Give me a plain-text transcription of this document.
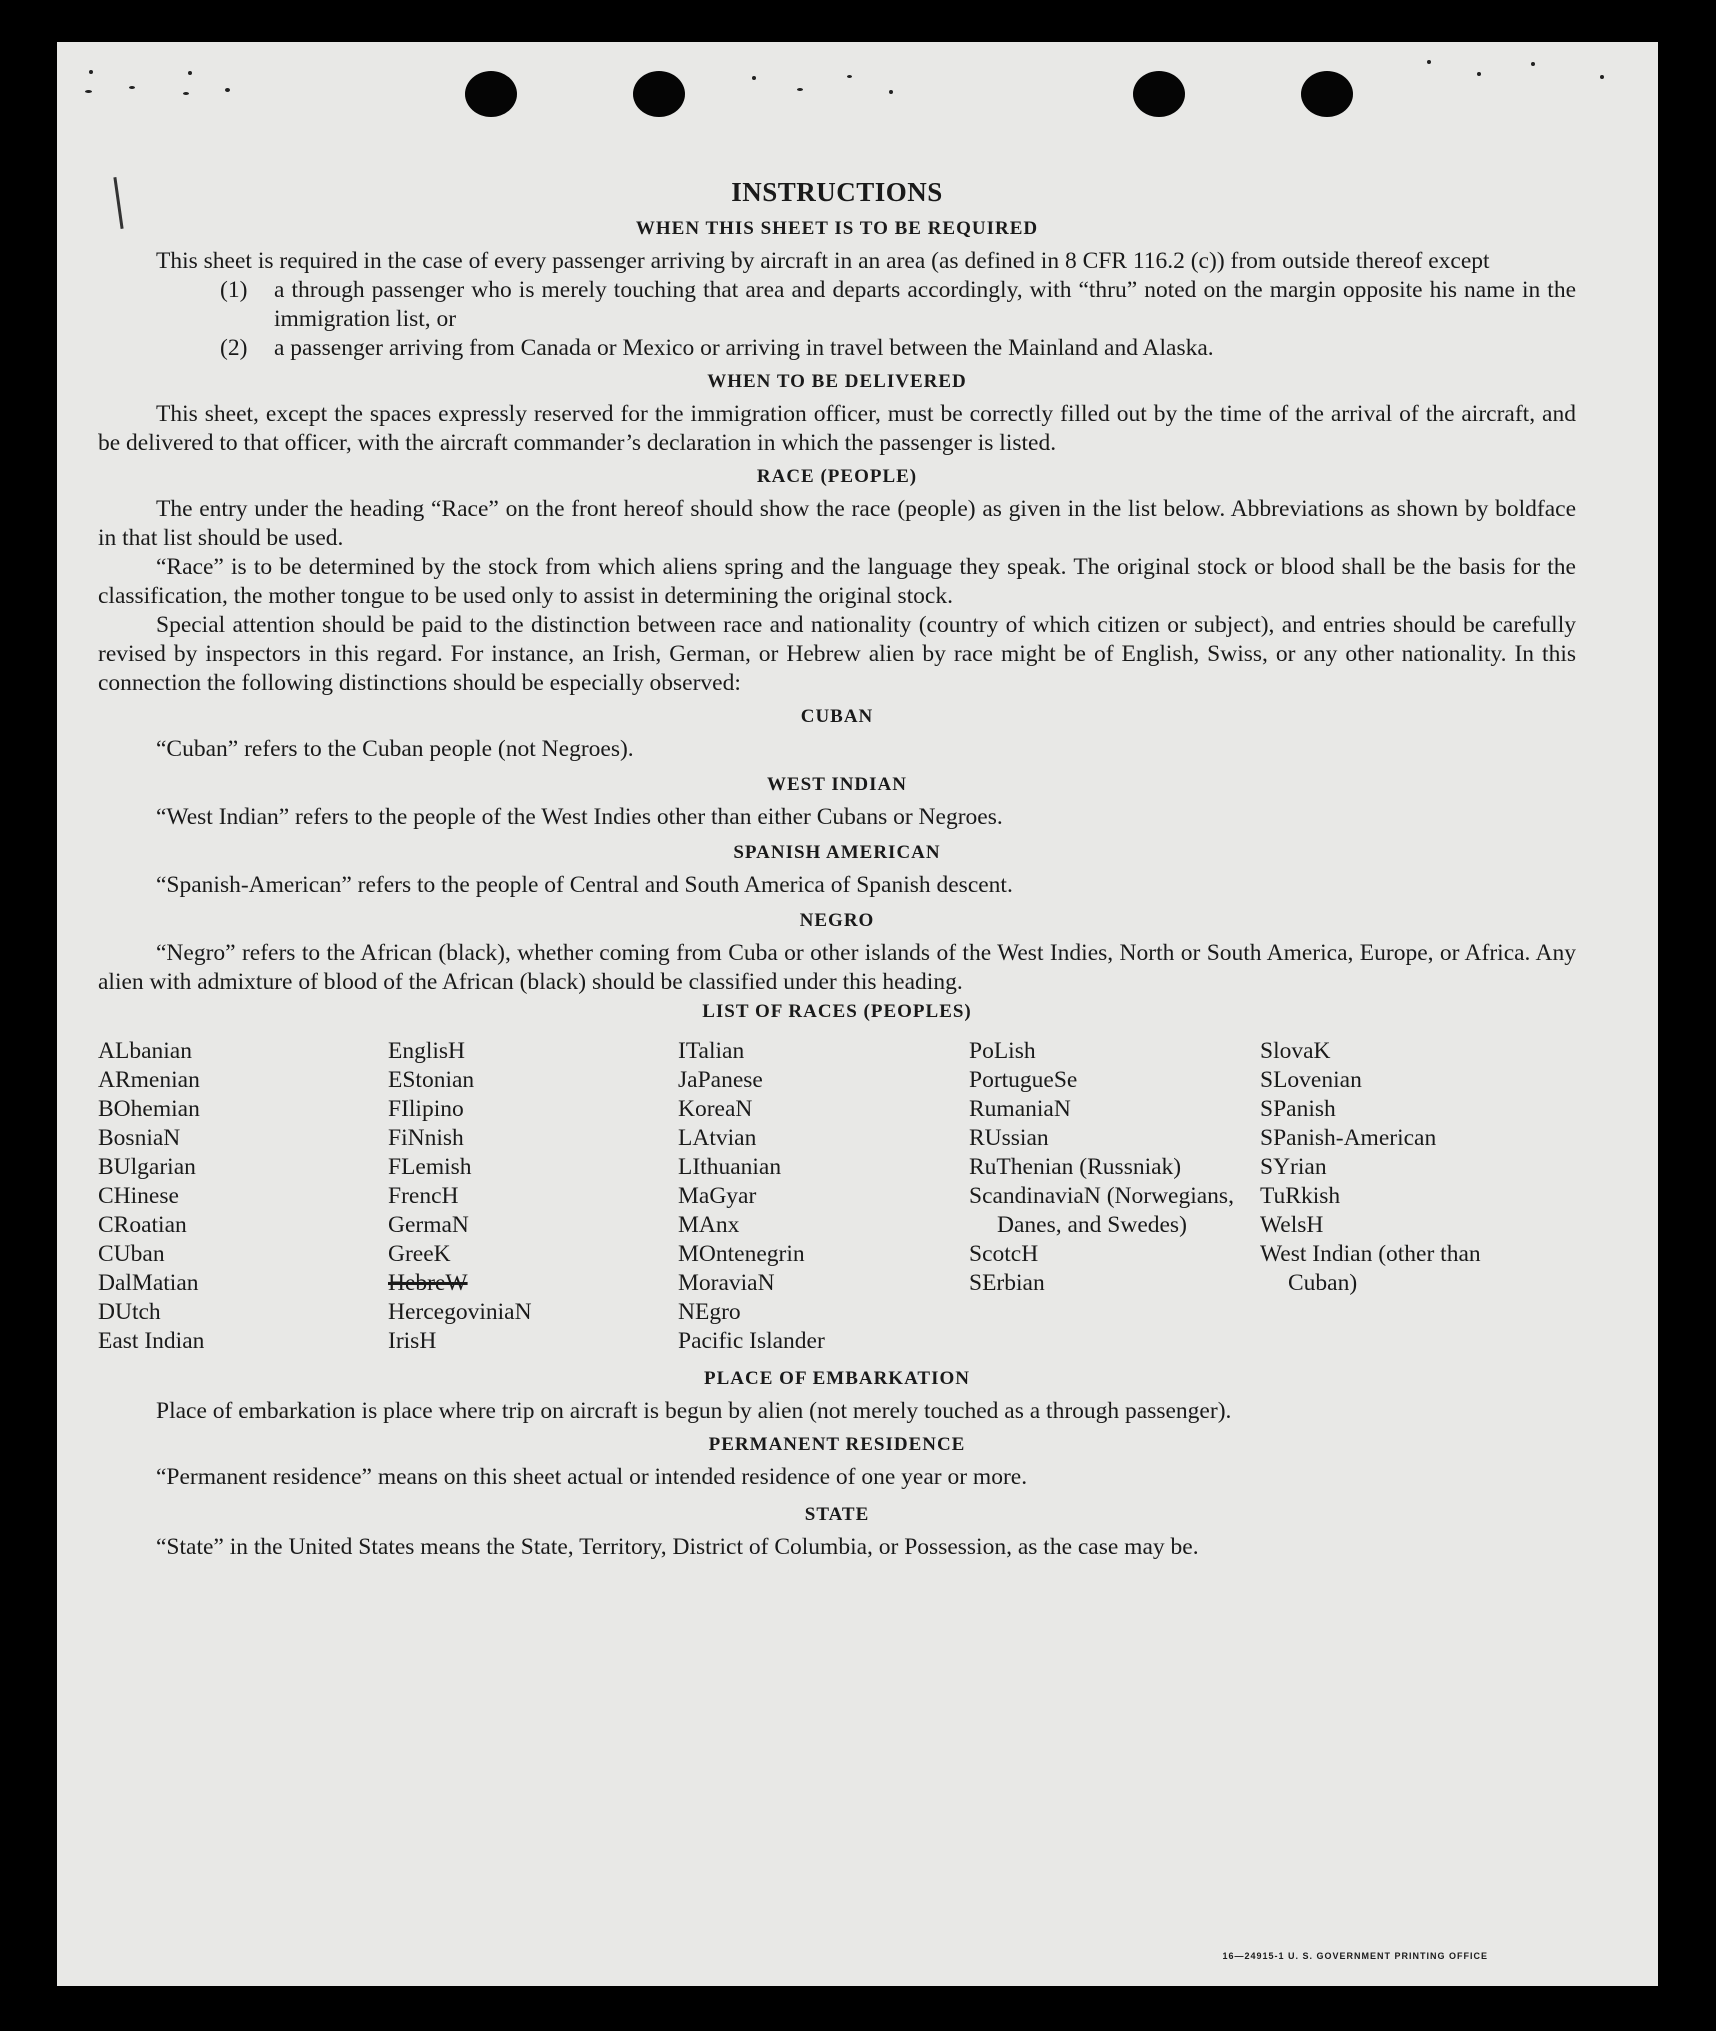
INSTRUCTIONS
WHEN THIS SHEET IS TO BE REQUIRED

This sheet is required in the case of every passenger arriving by aircraft in an area (as defined in 8 CFR 116.2 (c)) from outside thereof except

(1)	a through passenger who is merely touching that area and departs accordingly, with “thru” noted on the margin opposite his name in the immigration list, or
(2)	a passenger arriving from Canada or Mexico or arriving in travel between the Mainland and Alaska.
WHEN TO BE DELIVERED

This sheet, except the spaces expressly reserved for the immigration officer, must be correctly filled out by the time of the arrival of the aircraft, and be delivered to that officer, with the aircraft commander’s declaration in which the passenger is listed.

RACE (PEOPLE)

The entry under the heading “Race” on the front hereof should show the race (people) as given in the list below. Abbreviations as shown by boldface in that list should be used.

“Race” is to be determined by the stock from which aliens spring and the language they speak. The original stock or blood shall be the basis for the classification, the mother tongue to be used only to assist in determining the original stock.

Special attention should be paid to the distinction between race and nationality (country of which citizen or subject), and entries should be carefully revised by inspectors in this regard. For instance, an Irish, German, or Hebrew alien by race might be of English, Swiss, or any other nationality. In this connection the following distinctions should be especially observed:

CUBAN

“Cuban” refers to the Cuban people (not Negroes).

WEST INDIAN

“West Indian” refers to the people of the West Indies other than either Cubans or Negroes.

SPANISH AMERICAN

“Spanish-American” refers to the people of Central and South America of Spanish descent.

NEGRO

“Negro” refers to the African (black), whether coming from Cuba or other islands of the West Indies, North or South America, Europe, or Africa. Any alien with admixture of blood of the African (black) should be classified under this heading.

LIST OF RACES (PEOPLES)
ALbanian
ARmenian
BOhemian
BosniaN
BUlgarian
CHinese
CRoatian
CUban
DalMatian
DUtch
East Indian
EnglisH
EStonian
FIlipino
FiNnish
FLemish
FrencH
GermaN
GreeK
HebreW
HercegoviniaN
IrisH
ITalian
JaPanese
KoreaN
LAtvian
LIthuanian
MaGyar
MAnx
MOntenegrin
MoraviaN
NEgro
Pacific Islander
PoLish
PortugueSe
RumaniaN
RUssian
RuThenian (Russniak)
ScandinaviaN (Norwegians, Danes, and Swedes)
ScotcH
SErbian
SlovaK
SLovenian
SPanish
SPanish-American
SYrian
TuRkish
WelsH
West Indian (other than Cuban)
PLACE OF EMBARKATION

Place of embarkation is place where trip on aircraft is begun by alien (not merely touched as a through passenger).

PERMANENT RESIDENCE

“Permanent residence” means on this sheet actual or intended residence of one year or more.

STATE

“State” in the United States means the State, Territory, District of Columbia, or Possession, as the case may be.

16—24915-1 U. S. GOVERNMENT PRINTING OFFICE
